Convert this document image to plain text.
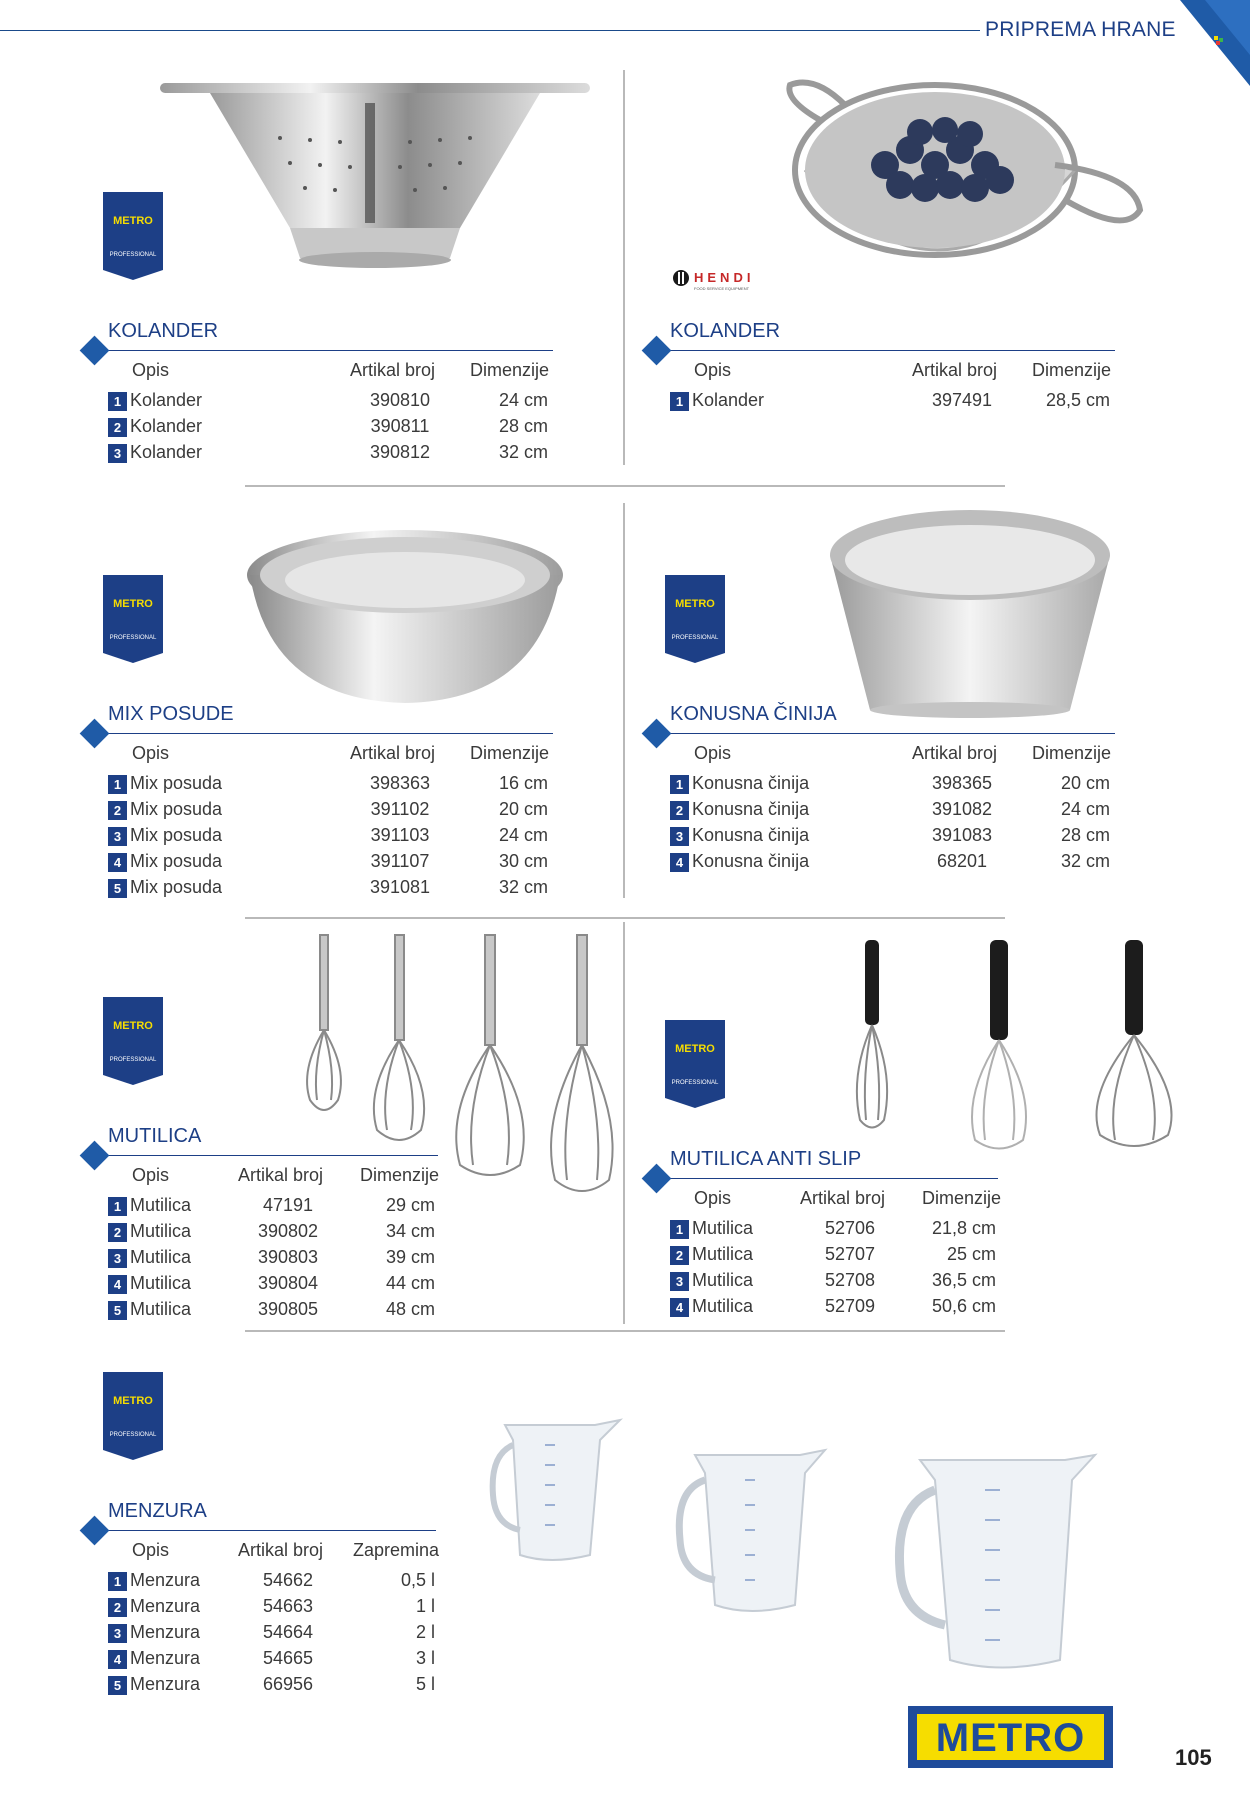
PRIPREMA HRANE
METRO
PROFESSIONAL
METRO
PROFESSIONAL
METRO
PROFESSIONAL
METRO
PROFESSIONAL
METRO
PROFESSIONAL
METRO
PROFESSIONAL
HENDI
FOOD SERVICE EQUIPMENT
KOLANDER
Opis	Artikal broj Dimenzije
1 Kolander	390810	24 cm
2 Kolander	390811	28 cm
3 Kolander	390812	32 cm
KOLANDER
Opis	Artikal broj Dimenzije
1 Kolander	397491	28,5 cm
MIX POSUDE
Opis	Artikal broj Dimenzije
1 Mix posuda	398363	16 cm
2 Mix posuda	391102	20 cm
3 Mix posuda	391103	24 cm
4 Mix posuda	391107	30 cm
5 Mix posuda	391081	32 cm
KONUSNA ČINIJA
Opis	Artikal broj Dimenzije
1 Konusna činija	398365	20 cm
2 Konusna činija	391082	24 cm
3 Konusna činija	391083	28 cm
4 Konusna činija	68201	32 cm
MUTILICA
Opis	Artikal broj Dimenzije
1 Mutilica	47191	29 cm
2 Mutilica	390802	34 cm
3 Mutilica	390803	39 cm
4 Mutilica	390804	44 cm
5 Mutilica	390805	48 cm
MUTILICA ANTI SLIP
Opis	Artikal broj Dimenzije
1 Mutilica	52706	21,8 cm
2 Mutilica	52707	25 cm
3 Mutilica	52708	36,5 cm
4 Mutilica	52709	50,6 cm
MENZURA
Opis	Artikal broj Zapremina
1 Menzura	54662	0,5 l
2 Menzura	54663	1 l
3 Menzura	54664	2 l
4 Menzura	54665	3 l
5 Menzura	66956	5 l
METRO	105
